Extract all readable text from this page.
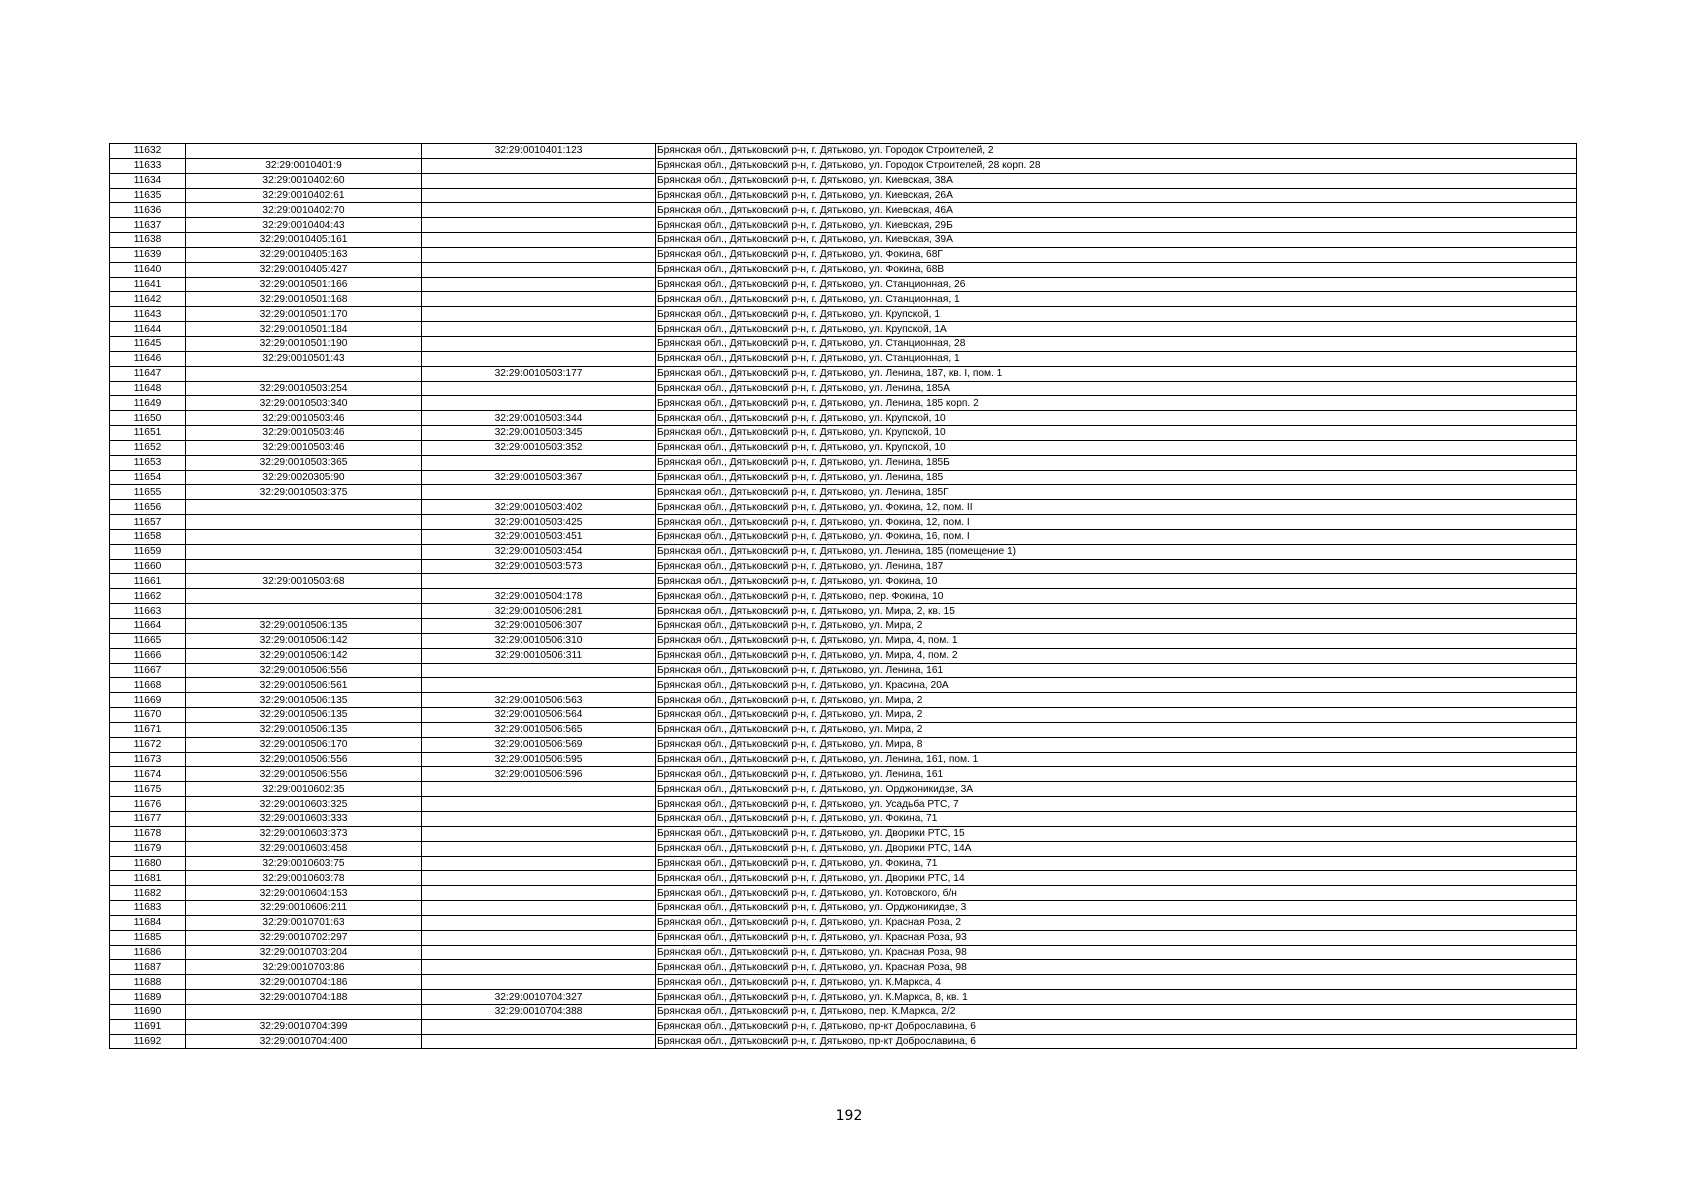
11632		32:29:0010401:123	Брянская обл., Дятьковский р-н, г. Дятьково, ул. Городок Строителей, 2
11633	32:29:0010401:9		Брянская обл., Дятьковский р-н, г. Дятьково, ул. Городок Строителей, 28 корп. 28
11634	32:29:0010402:60		Брянская обл., Дятьковский р-н, г. Дятьково, ул. Киевская, 38А
11635	32:29:0010402:61		Брянская обл., Дятьковский р-н, г. Дятьково, ул. Киевская, 26А
11636	32:29:0010402:70		Брянская обл., Дятьковский р-н, г. Дятьково, ул. Киевская, 46А
11637	32:29:0010404:43		Брянская обл., Дятьковский р-н, г. Дятьково, ул. Киевская, 29Б
11638	32:29:0010405:161		Брянская обл., Дятьковский р-н, г. Дятьково, ул. Киевская, 39А
11639	32:29:0010405:163		Брянская обл., Дятьковский р-н, г. Дятьково, ул. Фокина, 68Г
11640	32:29:0010405:427		Брянская обл., Дятьковский р-н, г. Дятьково, ул. Фокина, 68В
11641	32:29:0010501:166		Брянская обл., Дятьковский р-н, г. Дятьково, ул. Станционная, 26
11642	32:29:0010501:168		Брянская обл., Дятьковский р-н, г. Дятьково, ул. Станционная, 1
11643	32:29:0010501:170		Брянская обл., Дятьковский р-н, г. Дятьково, ул. Крупской, 1
11644	32:29:0010501:184		Брянская обл., Дятьковский р-н, г. Дятьково, ул. Крупской, 1А
11645	32:29:0010501:190		Брянская обл., Дятьковский р-н, г. Дятьково, ул. Станционная, 28
11646	32:29:0010501:43		Брянская обл., Дятьковский р-н, г. Дятьково, ул. Станционная, 1
11647		32:29:0010503:177	Брянская обл., Дятьковский р-н, г. Дятьково, ул. Ленина, 187, кв. I, пом. 1
11648	32:29:0010503:254		Брянская обл., Дятьковский р-н, г. Дятьково, ул. Ленина, 185А
11649	32:29:0010503:340		Брянская обл., Дятьковский р-н, г. Дятьково, ул. Ленина, 185 корп. 2
11650	32:29:0010503:46	32:29:0010503:344	Брянская обл., Дятьковский р-н, г. Дятьково, ул. Крупской, 10
11651	32:29:0010503:46	32:29:0010503:345	Брянская обл., Дятьковский р-н, г. Дятьково, ул. Крупской, 10
11652	32:29:0010503:46	32:29:0010503:352	Брянская обл., Дятьковский р-н, г. Дятьково, ул. Крупской, 10
11653	32:29:0010503:365		Брянская обл., Дятьковский р-н, г. Дятьково, ул. Ленина, 185Б
11654	32:29:0020305:90	32:29:0010503:367	Брянская обл., Дятьковский р-н, г. Дятьково, ул. Ленина, 185
11655	32:29:0010503:375		Брянская обл., Дятьковский р-н, г. Дятьково, ул. Ленина, 185Г
11656		32:29:0010503:402	Брянская обл., Дятьковский р-н, г. Дятьково, ул. Фокина, 12, пом. II
11657		32:29:0010503:425	Брянская обл., Дятьковский р-н, г. Дятьково, ул. Фокина, 12, пом. I
11658		32:29:0010503:451	Брянская обл., Дятьковский р-н, г. Дятьково, ул. Фокина, 16, пом. I
11659		32:29:0010503:454	Брянская обл., Дятьковский р-н, г. Дятьково, ул. Ленина, 185 (помещение 1)
11660		32:29:0010503:573	Брянская обл., Дятьковский р-н, г. Дятьково, ул. Ленина, 187
11661	32:29:0010503:68		Брянская обл., Дятьковский р-н, г. Дятьково, ул. Фокина, 10
11662		32:29:0010504:178	Брянская обл., Дятьковский р-н, г. Дятьково, пер. Фокина, 10
11663		32:29:0010506:281	Брянская обл., Дятьковский р-н, г. Дятьково, ул. Мира, 2, кв. 15
11664	32:29:0010506:135	32:29:0010506:307	Брянская обл., Дятьковский р-н, г. Дятьково, ул. Мира, 2
11665	32:29:0010506:142	32:29:0010506:310	Брянская обл., Дятьковский р-н, г. Дятьково, ул. Мира, 4, пом. 1
11666	32:29:0010506:142	32:29:0010506:311	Брянская обл., Дятьковский р-н, г. Дятьково, ул. Мира, 4, пом. 2
11667	32:29:0010506:556		Брянская обл., Дятьковский р-н, г. Дятьково, ул. Ленина, 161
11668	32:29:0010506:561		Брянская обл., Дятьковский р-н, г. Дятьково, ул. Красина, 20А
11669	32:29:0010506:135	32:29:0010506:563	Брянская обл., Дятьковский р-н, г. Дятьково, ул. Мира, 2
11670	32:29:0010506:135	32:29:0010506:564	Брянская обл., Дятьковский р-н, г. Дятьково, ул. Мира, 2
11671	32:29:0010506:135	32:29:0010506:565	Брянская обл., Дятьковский р-н, г. Дятьково, ул. Мира, 2
11672	32:29:0010506:170	32:29:0010506:569	Брянская обл., Дятьковский р-н, г. Дятьково, ул. Мира, 8
11673	32:29:0010506:556	32:29:0010506:595	Брянская обл., Дятьковский р-н, г. Дятьково, ул. Ленина, 161, пом. 1
11674	32:29:0010506:556	32:29:0010506:596	Брянская обл., Дятьковский р-н, г. Дятьково, ул. Ленина, 161
11675	32:29:0010602:35		Брянская обл., Дятьковский р-н, г. Дятьково, ул. Орджоникидзе, 3А
11676	32:29:0010603:325		Брянская обл., Дятьковский р-н, г. Дятьково, ул. Усадьба РТС, 7
11677	32:29:0010603:333		Брянская обл., Дятьковский р-н, г. Дятьково, ул. Фокина, 71
11678	32:29:0010603:373		Брянская обл., Дятьковский р-н, г. Дятьково, ул. Дворики РТС, 15
11679	32:29:0010603:458		Брянская обл., Дятьковский р-н, г. Дятьково, ул. Дворики РТС, 14А
11680	32:29:0010603:75		Брянская обл., Дятьковский р-н, г. Дятьково, ул. Фокина, 71
11681	32:29:0010603:78		Брянская обл., Дятьковский р-н, г. Дятьково, ул. Дворики РТС, 14
11682	32:29:0010604:153		Брянская обл., Дятьковский р-н, г. Дятьково, ул. Котовского, б/н
11683	32:29:0010606:211		Брянская обл., Дятьковский р-н, г. Дятьково, ул. Орджоникидзе, 3
11684	32:29:0010701:63		Брянская обл., Дятьковский р-н, г. Дятьково, ул. Красная Роза, 2
11685	32:29:0010702:297		Брянская обл., Дятьковский р-н, г. Дятьково, ул. Красная Роза, 93
11686	32:29:0010703:204		Брянская обл., Дятьковский р-н, г. Дятьково, ул. Красная Роза, 98
11687	32:29:0010703:86		Брянская обл., Дятьковский р-н, г. Дятьково, ул. Красная Роза, 98
11688	32:29:0010704:186		Брянская обл., Дятьковский р-н, г. Дятьково, ул. К.Маркса, 4
11689	32:29:0010704:188	32:29:0010704:327	Брянская обл., Дятьковский р-н, г. Дятьково, ул. К.Маркса, 8, кв. 1
11690		32:29:0010704:388	Брянская обл., Дятьковский р-н, г. Дятьково, пер. К.Маркса, 2/2
11691	32:29:0010704:399		Брянская обл., Дятьковский р-н, г. Дятьково, пр-кт Доброславина, 6
11692	32:29:0010704:400		Брянская обл., Дятьковский р-н, г. Дятьково, пр-кт Доброславина, 6
192
